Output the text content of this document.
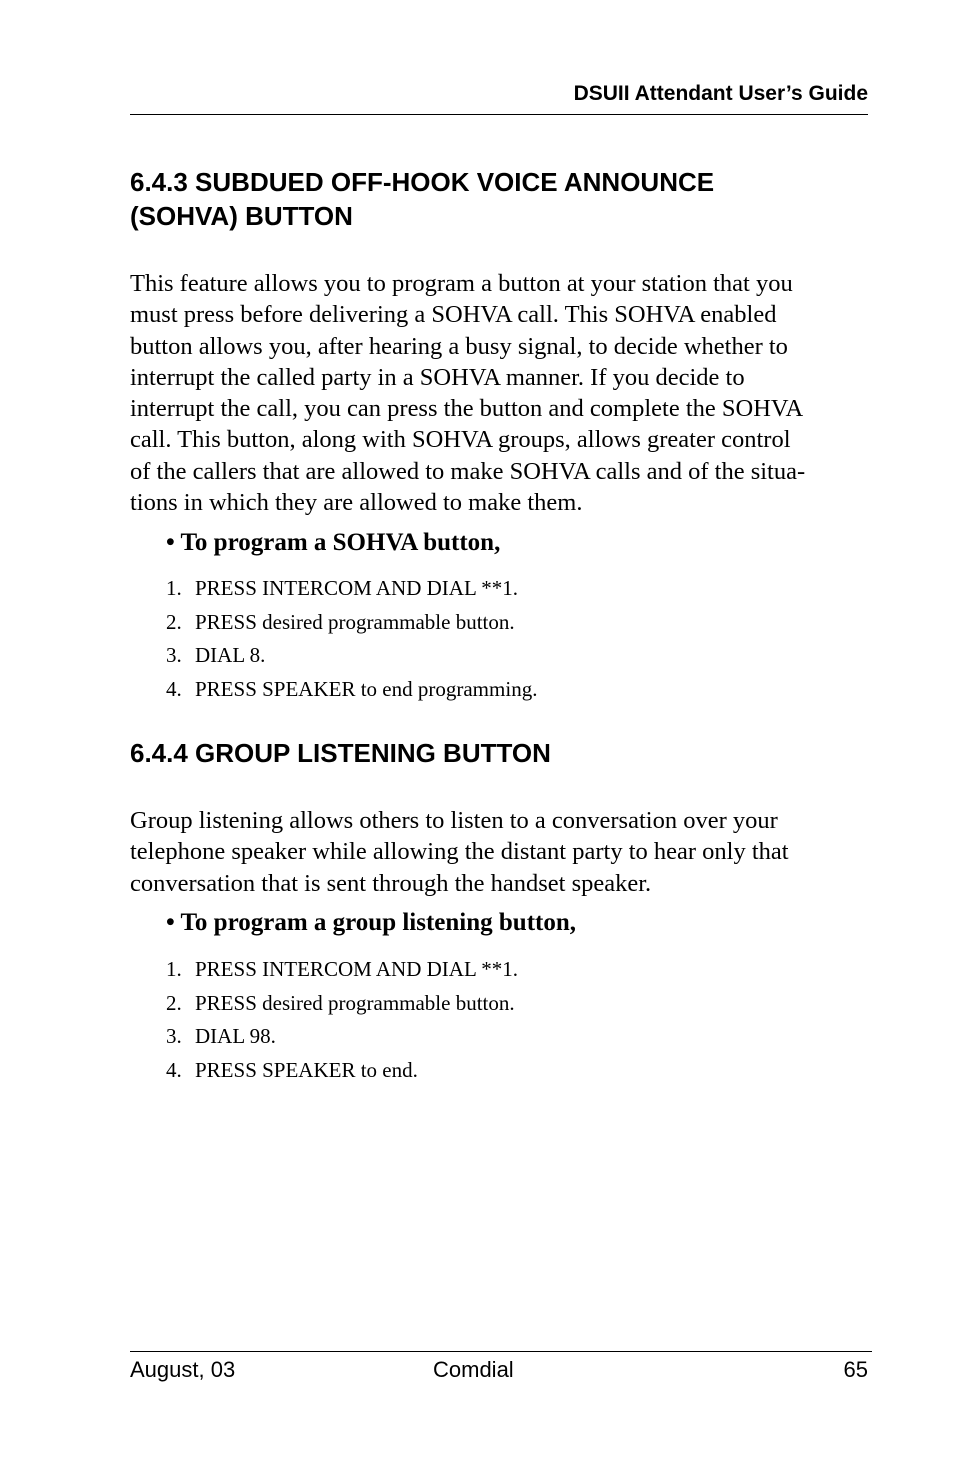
DSUII Attendant User’s Guide
6.4.3 SUBDUED OFF-HOOK VOICE ANNOUNCE
(SOHVA) BUTTON

This feature allows you to program a button at your station that you
must press before delivering a SOHVA call. This SOHVA enabled
button allows you, after hearing a busy signal, to decide whether to
interrupt the called party in a SOHVA manner. If you decide to
interrupt the call, you can press the button and complete the SOHVA
call. This button, along with SOHVA groups, allows greater control
of the callers that are allowed to make SOHVA calls and of the situa-
tions in which they are allowed to make them.

• To program a SOHVA button,
1. PRESS INTERCOM AND DIAL **1.
2. PRESS desired programmable button.
3. DIAL 8.
4. PRESS SPEAKER to end programming.
6.4.4 GROUP LISTENING BUTTON

Group listening allows others to listen to a conversation over your
telephone speaker while allowing the distant party to hear only that
conversation that is sent through the handset speaker.

• To program a group listening button,
1. PRESS INTERCOM AND DIAL **1.
2. PRESS desired programmable button.
3. DIAL 98.
4. PRESS SPEAKER to end.
August, 03	Comdial	65
